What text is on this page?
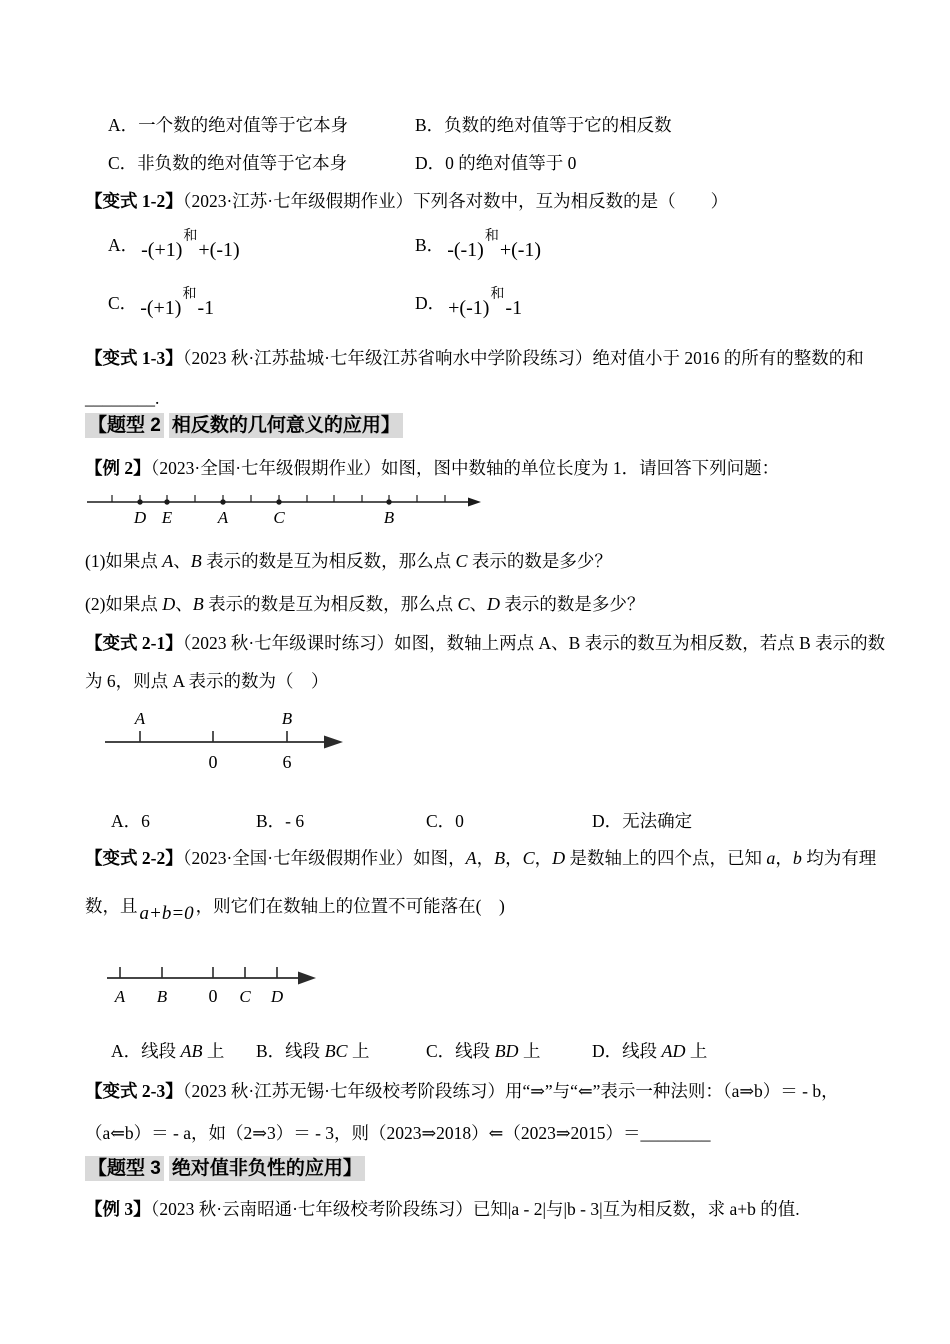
A．一个数的绝对值等于它本身	B．负数的绝对值等于它的相反数
C．非负数的绝对值等于它本身	D．0 的绝对值等于 0
【变式 1-2】（2023·江苏·七年级假期作业）下列各对数中，互为相反数的是（　　）
A． $-(+1)^和+(-1)$	B． $-(-1)^和+(-1)$
C． $-(+1)^和-1$	D． $+(-1)^和-1$
【变式 1-3】（2023 秋·江苏盐城·七年级江苏省响水中学阶段练习）绝对值小于 2016 的所有的整数的和
________.
【题型 2 相反数的几何意义的应用】
【例 2】（2023·全国·七年级假期作业）如图，图中数轴的单位长度为 1．请回答下列问题：
D E	A	C	B
(1)如果点 A、B 表示的数是互为相反数，那么点 C 表示的数是多少？
(2)如果点 D、B 表示的数是互为相反数，那么点 C、D 表示的数是多少？
【变式 2-1】（2023 秋·七年级课时练习）如图，数轴上两点 A、B 表示的数互为相反数，若点 B 表示的数
为 6，则点 A 表示的数为（　）
A	B
0	6
A．6	B．- 6	C．0	D．无法确定
【变式 2-2】（2023·全国·七年级假期作业）如图，A，B，C，D 是数轴上的四个点，已知 a，b 均为有理
数，且 a+b=0 ，则它们在数轴上的位置不可能落在(　)
A B 0 C D
A．线段 AB 上 B．线段 BC 上	C．线段 BD 上	D．线段 AD 上
【变式 2-3】（2023 秋·江苏无锡·七年级校考阶段练习）用“⇒”与“⇐”表示一种法则：（a⇒b）＝ - b，
（a⇐b）＝ - a，如（2⇒3）＝ - 3，则（2023⇒2018）⇐（2023⇒2015）＝________
【题型 3 绝对值非负性的应用】
【例 3】（2023 秋·云南昭通·七年级校考阶段练习）已知|a - 2|与|b - 3|互为相反数，求 a+b 的值.
